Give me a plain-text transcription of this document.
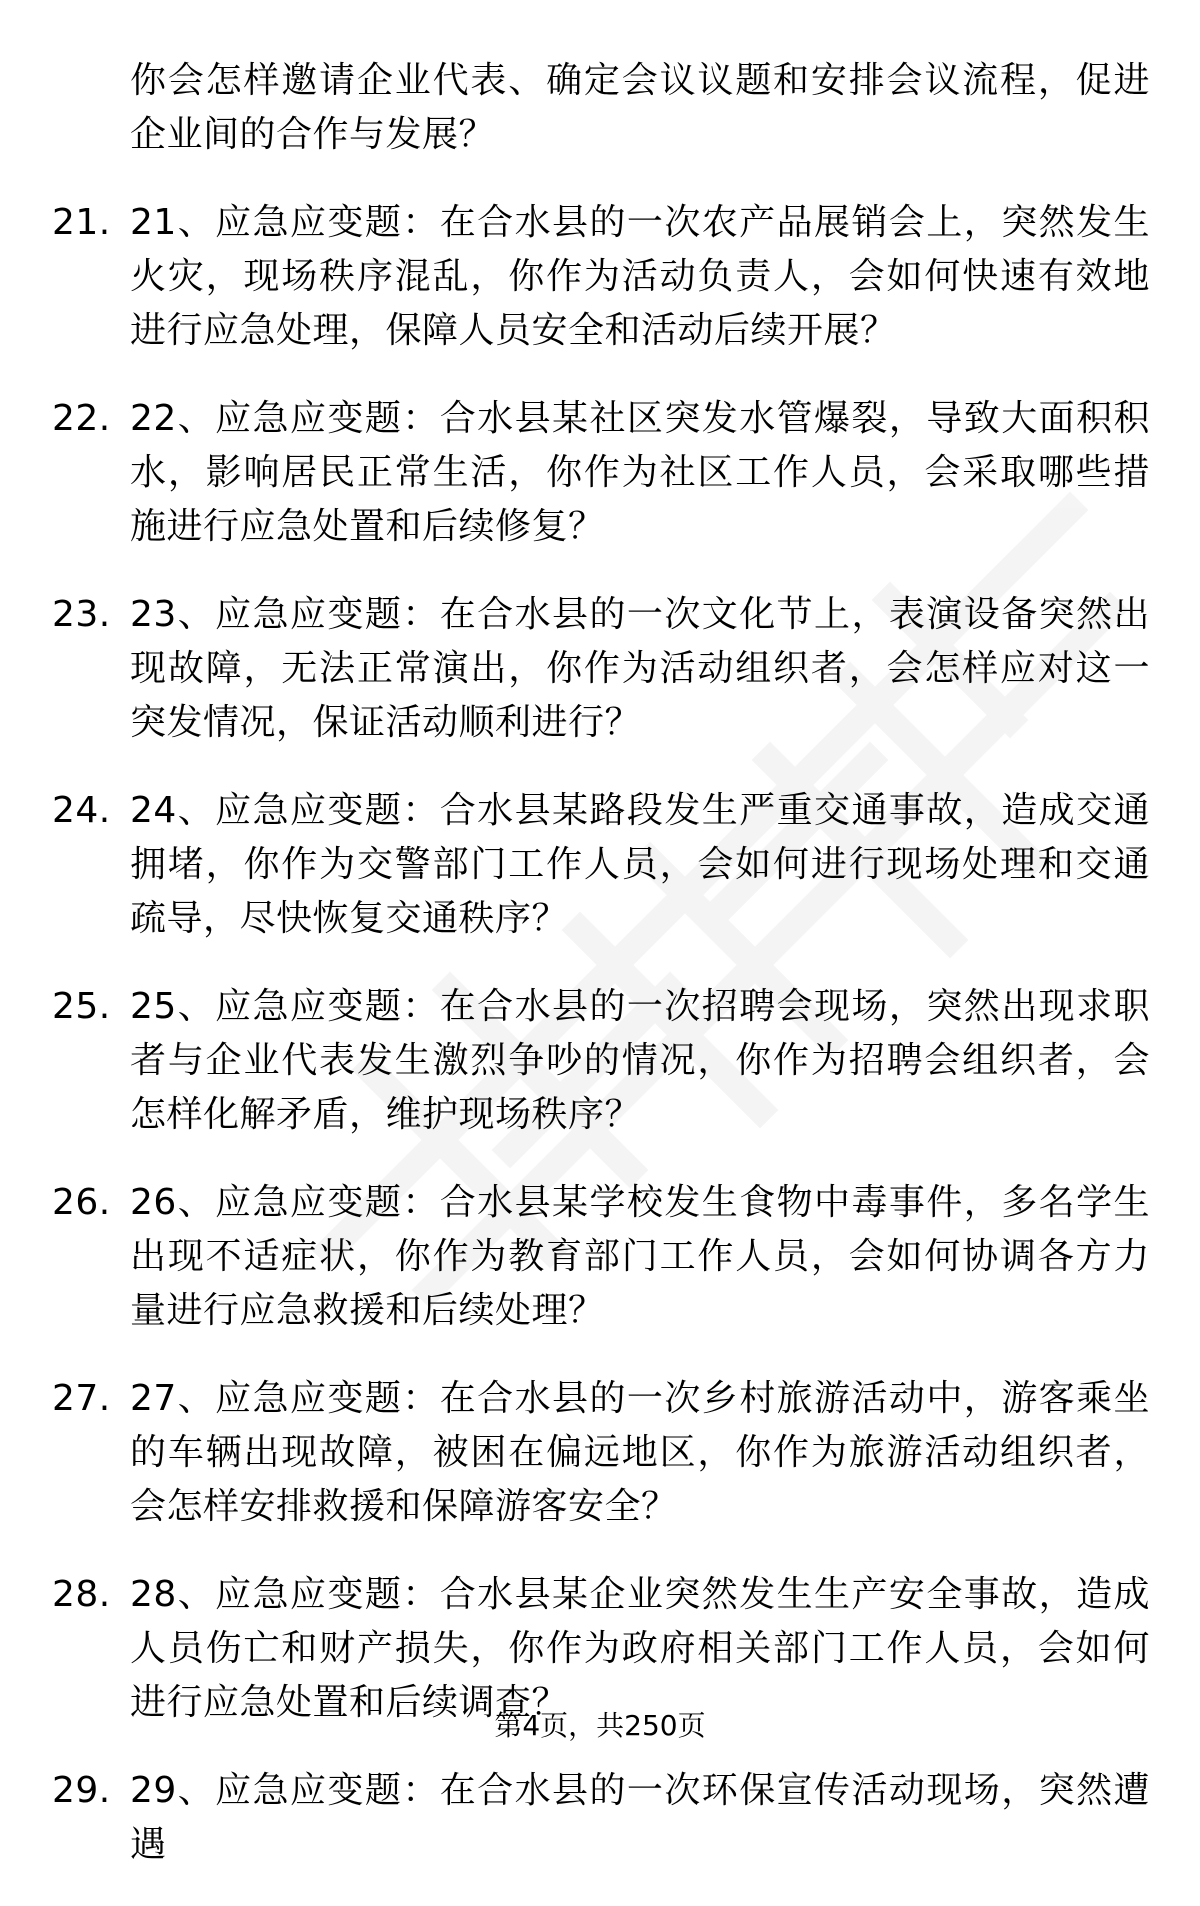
你会怎样邀请企业代表、确定会议议题和安排会议流程，促进企业间的合作与发展？
21. 21、应急应变题：在合水县的一次农产品展销会上，突然发生火灾，现场秩序混乱，你作为活动负责人，会如何快速有效地进行应急处理，保障人员安全和活动后续开展？
22. 22、应急应变题：合水县某社区突发水管爆裂，导致大面积积水，影响居民正常生活，你作为社区工作人员，会采取哪些措施进行应急处置和后续修复？
23. 23、应急应变题：在合水县的一次文化节上，表演设备突然出现故障，无法正常演出，你作为活动组织者，会怎样应对这一突发情况，保证活动顺利进行？
24. 24、应急应变题：合水县某路段发生严重交通事故，造成交通拥堵，你作为交警部门工作人员，会如何进行现场处理和交通疏导，尽快恢复交通秩序？
25. 25、应急应变题：在合水县的一次招聘会现场，突然出现求职者与企业代表发生激烈争吵的情况，你作为招聘会组织者，会怎样化解矛盾，维护现场秩序？
26. 26、应急应变题：合水县某学校发生食物中毒事件，多名学生出现不适症状，你作为教育部门工作人员，会如何协调各方力量进行应急救援和后续处理？
27. 27、应急应变题：在合水县的一次乡村旅游活动中，游客乘坐的车辆出现故障，被困在偏远地区，你作为旅游活动组织者，会怎样安排救援和保障游客安全？
28. 28、应急应变题：合水县某企业突然发生生产安全事故，造成人员伤亡和财产损失，你作为政府相关部门工作人员，会如何进行应急处置和后续调查？
29. 29、应急应变题：在合水县的一次环保宣传活动现场，突然遭遇
第4页，共250页
